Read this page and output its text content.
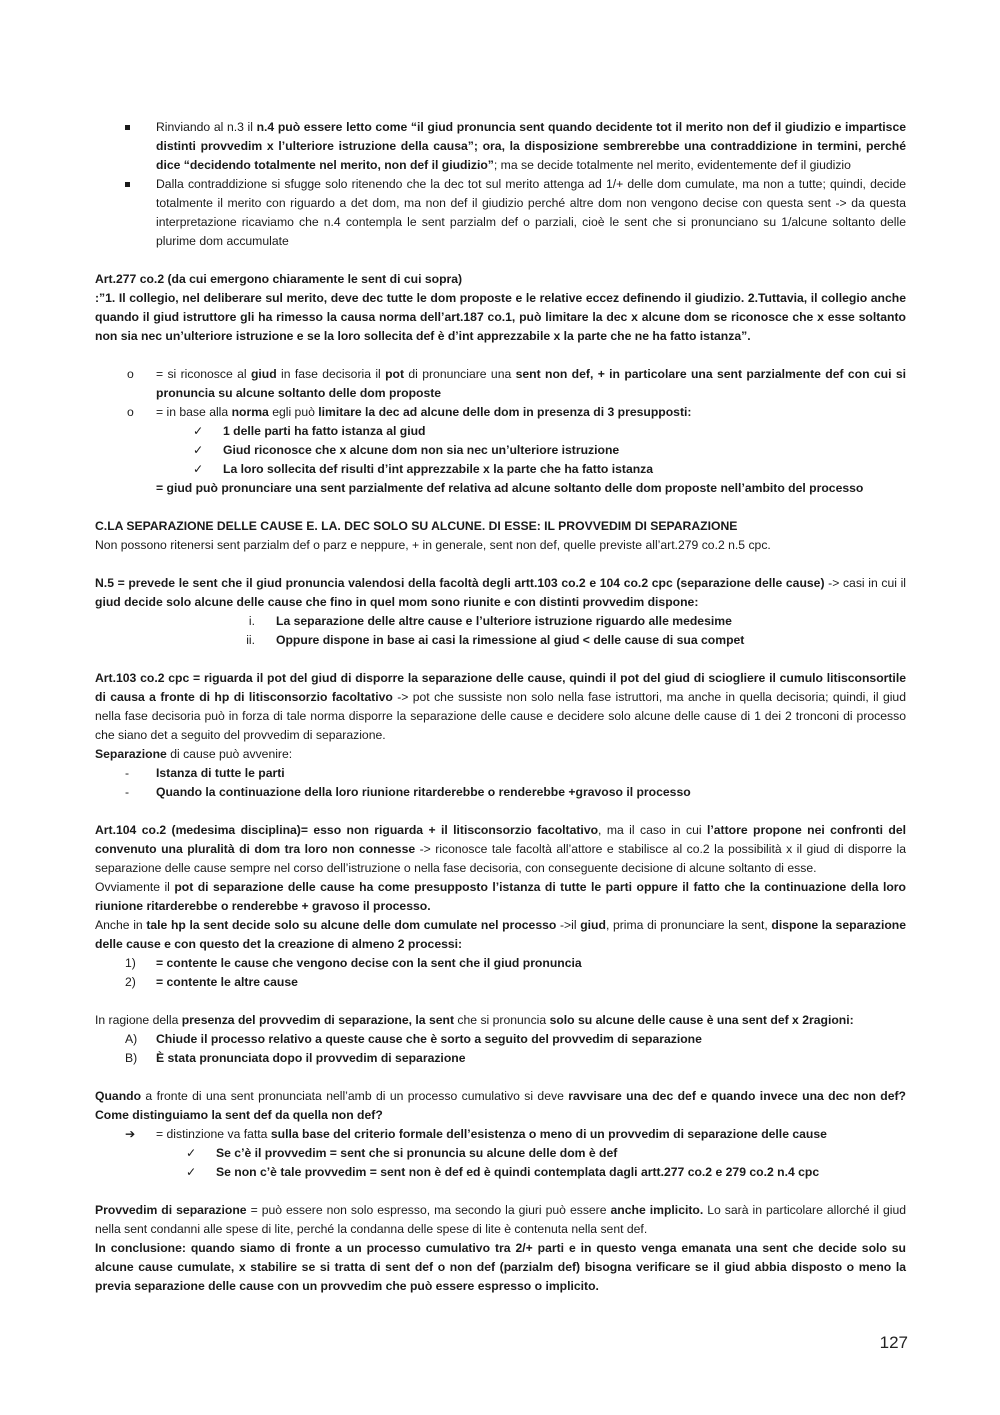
Rinviando al n.3 il n.4 può essere letto come “il giud pronuncia sent quando decidente tot il merito non def il giudizio e impartisce distinti provvedim x l’ulteriore istruzione della causa”; ora, la disposizione sembrerebbe una contraddizione in termini, perché dice “decidendo totalmente nel merito, non def il giudizio”; ma se decide totalmente nel merito, evidentemente def il giudizio

Dalla contraddizione si sfugge solo ritenendo che la dec tot sul merito attenga ad 1/+ delle dom cumulate, ma non a tutte; quindi, decide totalmente il merito con riguardo a det dom, ma non def il giudizio perché altre dom non vengono decise con questa sent -> da questa interpretazione ricaviamo che n.4 contempla le sent parzialm def o parziali, cioè le sent che si pronunciano su 1/alcune soltanto delle plurime dom accumulate

Art.277 co.2 (da cui emergono chiaramente le sent di cui sopra)

:”1. Il collegio, nel deliberare sul merito, deve dec tutte le dom proposte e le relative eccez definendo il giudizio. 2.Tuttavia, il collegio anche quando il giud istruttore gli ha rimesso la causa norma dell’art.187 co.1, può limitare la dec x alcune dom se riconosce che x esse soltanto non sia nec un’ulteriore istruzione e se la loro sollecita def è d’int apprezzabile x la parte che ne ha fatto istanza”.

o = si riconosce al giud in fase decisoria il pot di pronunciare una sent non def, + in particolare una sent parzialmente def con cui si pronuncia su alcune soltanto delle dom proposte

o = in base alla norma egli può limitare la dec ad alcune delle dom in presenza di 3 presupposti:

✓ 1 delle parti ha fatto istanza al giud

✓ Giud riconosce che x alcune dom non sia nec un’ulteriore istruzione

✓ La loro sollecita def risulti d’int apprezzabile x la parte che ha fatto istanza

= giud può pronunciare una sent parzialmente def relativa ad alcune soltanto delle dom proposte nell’ambito del processo

C.LA SEPARAZIONE DELLE CAUSE E. LA. DEC SOLO SU ALCUNE. DI ESSE: IL PROVVEDIM DI SEPARAZIONE

Non possono ritenersi sent parzialm def o parz e neppure, + in generale, sent non def, quelle previste all’art.279 co.2 n.5 cpc.

N.5 = prevede le sent che il giud pronuncia valendosi della facoltà degli artt.103 co.2 e 104 co.2 cpc (separazione delle cause) -> casi in cui il giud decide solo alcune delle cause che fino in quel mom sono riunite e con distinti provvedim dispone:

i. La separazione delle altre cause e l’ulteriore istruzione riguardo alle medesime

ii. Oppure dispone in base ai casi la rimessione al giud < delle cause di sua compet

Art.103 co.2 cpc = riguarda il pot del giud di disporre la separazione delle cause, quindi il pot del giud di sciogliere il cumulo litisconsortile di causa a fronte di hp di litisconsorzio facoltativo -> pot che sussiste non solo nella fase istruttori, ma anche in quella decisoria; quindi, il giud nella fase decisoria può in forza di tale norma disporre la separazione delle cause e decidere solo alcune delle cause di 1 dei 2 tronconi di processo che siano det a seguito del provvedim di separazione.

Separazione di cause può avvenire:

- Istanza di tutte le parti

- Quando la continuazione della loro riunione ritarderebbe o renderebbe +gravoso il processo

Art.104 co.2 (medesima disciplina)= esso non riguarda + il litisconsorzio facoltativo, ma il caso in cui l’attore propone nei confronti del convenuto una pluralità di dom tra loro non connesse -> riconosce tale facoltà all’attore e stabilisce al co.2 la possibilità x il giud di disporre la separazione delle cause sempre nel corso dell’istruzione o nella fase decisoria, con conseguente decisione di alcune soltanto di esse.

Ovviamente il pot di separazione delle cause ha come presupposto l’istanza di tutte le parti oppure il fatto che la continuazione della loro riunione ritarderebbe o renderebbe + gravoso il processo.

Anche in tale hp la sent decide solo su alcune delle dom cumulate nel processo ->il giud, prima di pronunciare la sent, dispone la separazione delle cause e con questo det la creazione di almeno 2 processi:

1) = contente le cause che vengono decise con la sent che il giud pronuncia

2) = contente le altre cause

In ragione della presenza del provvedim di separazione, la sent che si pronuncia solo su alcune delle cause è una sent def x 2ragioni:

A) Chiude il processo relativo a queste cause che è sorto a seguito del provvedim di separazione

B) È stata pronunciata dopo il provvedim di separazione

Quando a fronte di una sent pronunciata nell’amb di un processo cumulativo si deve ravvisare una dec def e quando invece una dec non def? Come distinguiamo la sent def da quella non def?

➔ = distinzione va fatta sulla base del criterio formale dell’esistenza o meno di un provvedim di separazione delle cause

✓ Se c’è il provvedim = sent che si pronuncia su alcune delle dom è def

✓ Se non c’è tale provvedim = sent non è def ed è quindi contemplata dagli artt.277 co.2 e 279 co.2 n.4 cpc

Provvedim di separazione = può essere non solo espresso, ma secondo la giuri può essere anche implicito. Lo sarà in particolare allorché il giud nella sent condanni alle spese di lite, perché la condanna delle spese di lite è contenuta nella sent def.

In conclusione: quando siamo di fronte a un processo cumulativo tra 2/+ parti e in questo venga emanata una sent che decide solo su alcune cause cumulate, x stabilire se si tratta di sent def o non def (parzialm def) bisogna verificare se il giud abbia disposto o meno la previa separazione delle cause con un provvedim che può essere espresso o implicito.

127
